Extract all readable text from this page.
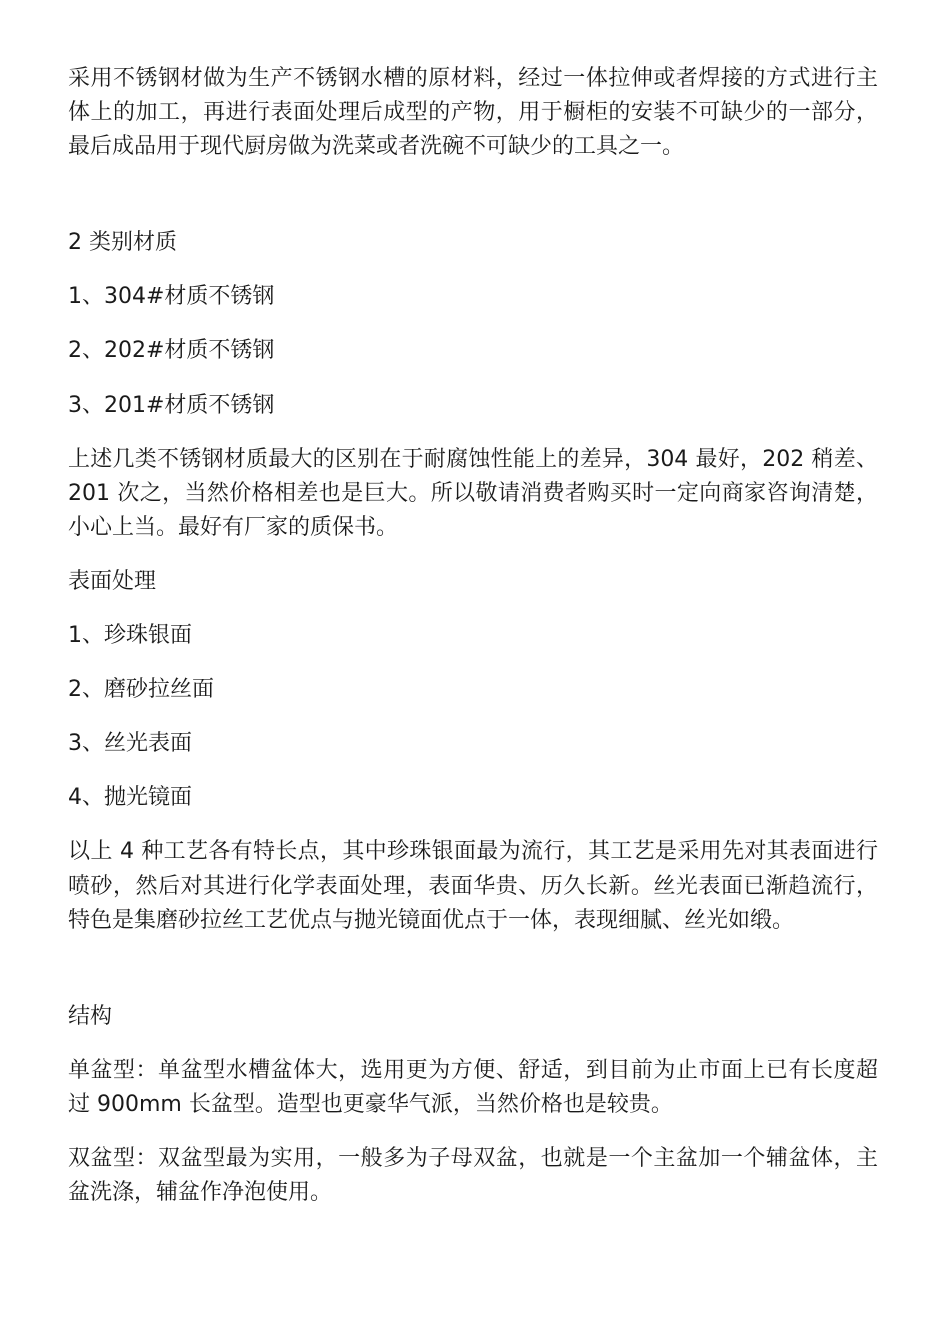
采用不锈钢材做为生产不锈钢水槽的原材料，经过一体拉伸或者焊接的方式进行主体上的加工，再进行表面处理后成型的产物，用于橱柜的安装不可缺少的一部分，最后成品用于现代厨房做为洗菜或者洗碗不可缺少的工具之一。

2 类别材质

1、304#材质不锈钢

2、202#材质不锈钢

3、201#材质不锈钢

上述几类不锈钢材质最大的区别在于耐腐蚀性能上的差异，304 最好，202 稍差、201 次之，当然价格相差也是巨大。所以敬请消费者购买时一定向商家咨询清楚，小心上当。最好有厂家的质保书。

表面处理

1、珍珠银面

2、磨砂拉丝面

3、丝光表面

4、抛光镜面

以上 4 种工艺各有特长点，其中珍珠银面最为流行，其工艺是采用先对其表面进行喷砂，然后对其进行化学表面处理，表面华贵、历久长新。丝光表面已渐趋流行，特色是集磨砂拉丝工艺优点与抛光镜面优点于一体，表现细腻、丝光如缎。

结构

单盆型：单盆型水槽盆体大，选用更为方便、舒适，到目前为止市面上已有长度超过 900mm 长盆型。造型也更豪华气派，当然价格也是较贵。

双盆型：双盆型最为实用，一般多为子母双盆，也就是一个主盆加一个辅盆体，主盆洗涤，辅盆作净泡使用。
